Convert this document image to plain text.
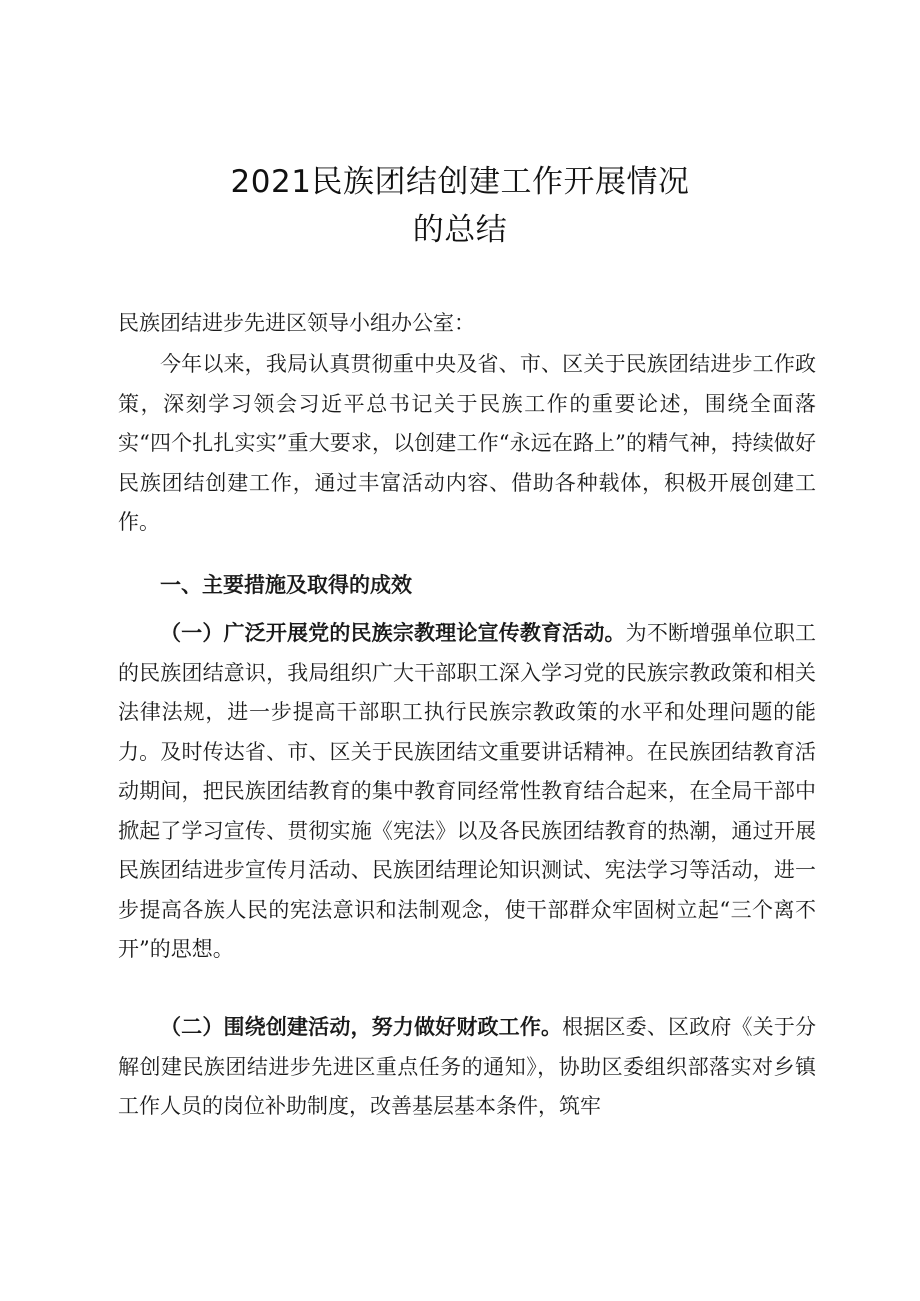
2021民族团结创建工作开展情况
的总结
民族团结进步先进区领导小组办公室：
今年以来，我局认真贯彻重中央及省、市、区关于民族团结进步工作政策，深刻学习领会习近平总书记关于民族工作的重要论述，围绕全面落实“四个扎扎实实”重大要求，以创建工作“永远在路上”的精气神，持续做好民族团结创建工作，通过丰富活动内容、借助各种载体，积极开展创建工作。
一、主要措施及取得的成效
（一）广泛开展党的民族宗教理论宣传教育活动。为不断增强单位职工的民族团结意识，我局组织广大干部职工深入学习党的民族宗教政策和相关法律法规，进一步提高干部职工执行民族宗教政策的水平和处理问题的能力。及时传达省、市、区关于民族团结文重要讲话精神。在民族团结教育活动期间，把民族团结教育的集中教育同经常性教育结合起来，在全局干部中掀起了学习宣传、贯彻实施《宪法》以及各民族团结教育的热潮，通过开展民族团结进步宣传月活动、民族团结理论知识测试、宪法学习等活动，进一步提高各族人民的宪法意识和法制观念，使干部群众牢固树立起“三个离不开”的思想。
（二）围绕创建活动，努力做好财政工作。根据区委、区政府《关于分解创建民族团结进步先进区重点任务的通知》，协助区委组织部落实对乡镇工作人员的岗位补助制度，改善基层基本条件，筑牢
